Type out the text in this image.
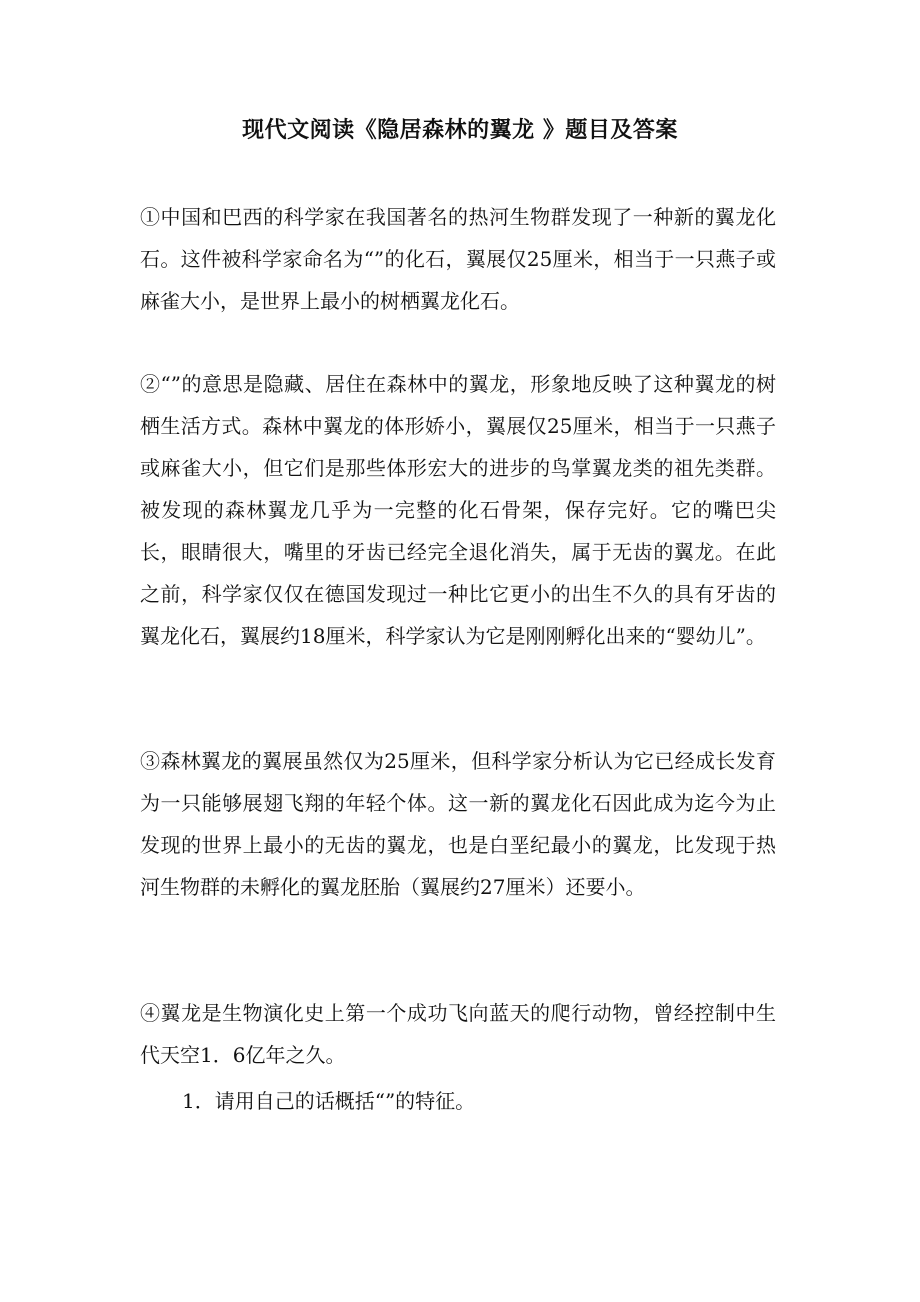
现代文阅读《隐居森林的翼龙 》题目及答案

①中国和巴西的科学家在我国著名的热河生物群发现了一种新的翼龙化石。这件被科学家命名为“”的化石，翼展仅25厘米，相当于一只燕子或麻雀大小，是世界上最小的树栖翼龙化石。

②“”的意思是隐藏、居住在森林中的翼龙，形象地反映了这种翼龙的树栖生活方式。森林中翼龙的体形娇小，翼展仅25厘米，相当于一只燕子或麻雀大小，但它们是那些体形宏大的进步的鸟掌翼龙类的祖先类群。被发现的森林翼龙几乎为一完整的化石骨架，保存完好。它的嘴巴尖长，眼睛很大，嘴里的牙齿已经完全退化消失，属于无齿的翼龙。在此之前，科学家仅仅在德国发现过一种比它更小的出生不久的具有牙齿的翼龙化石，翼展约18厘米，科学家认为它是刚刚孵化出来的“婴幼儿”。

③森林翼龙的翼展虽然仅为25厘米，但科学家分析认为它已经成长发育为一只能够展翅飞翔的年轻个体。这一新的翼龙化石因此成为迄今为止发现的世界上最小的无齿的翼龙，也是白垩纪最小的翼龙，比发现于热河生物群的未孵化的翼龙胚胎（翼展约27厘米）还要小。

④翼龙是生物演化史上第一个成功飞向蓝天的爬行动物，曾经控制中生代天空1．6亿年之久。

1．请用自己的话概括“”的特征。
